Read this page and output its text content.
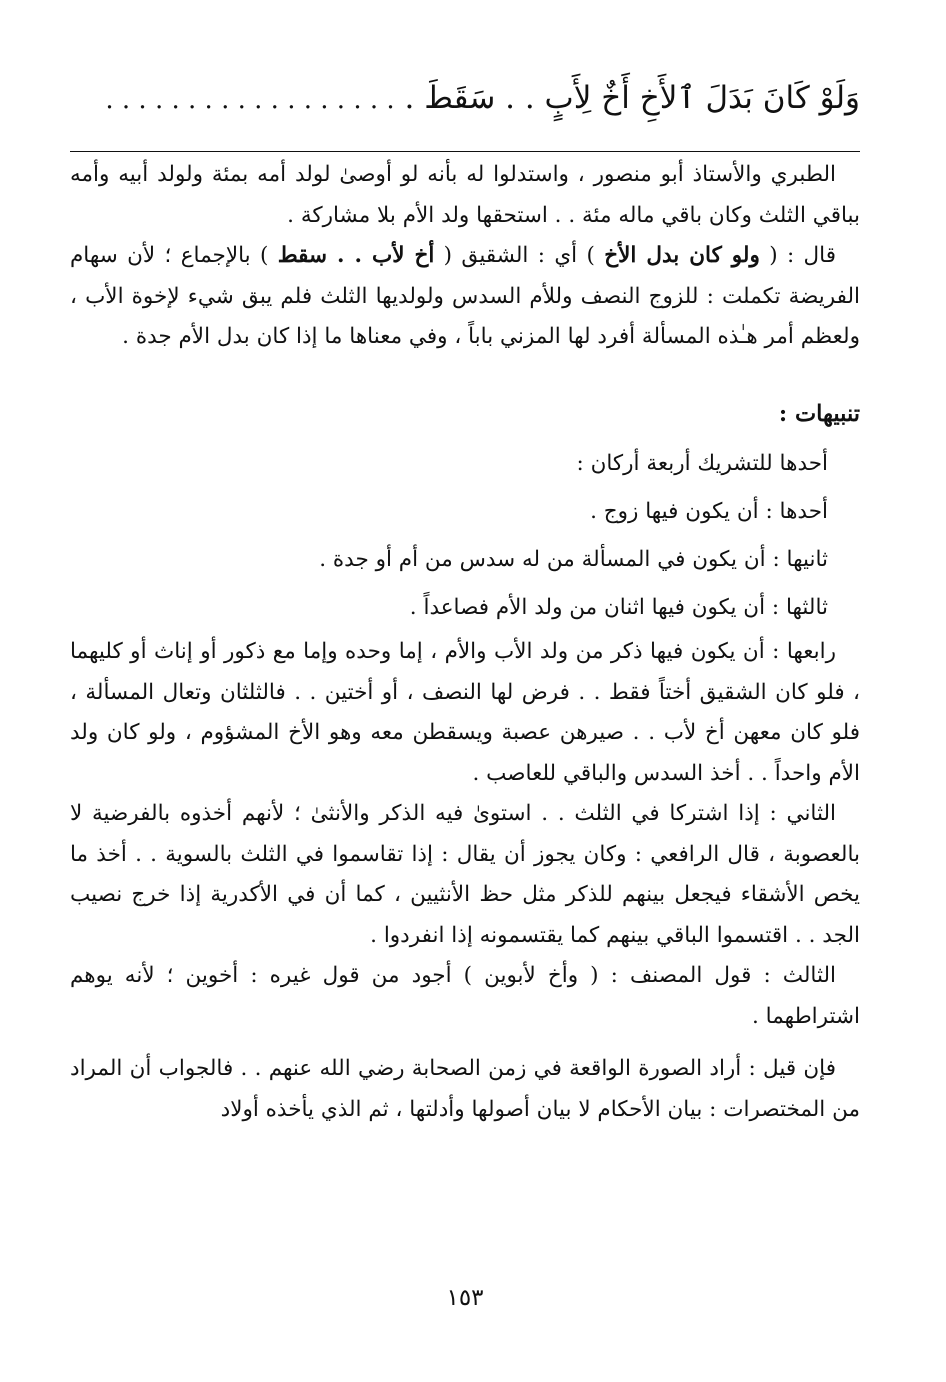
وَلَوْ كَانَ بَدَلَ ٱلأَخِ أَخٌ لِأَبٍ . . سَقَطَ . . . . . . . . . . . . . . . . . . .

الطبري والأستاذ أبو منصور ، واستدلوا له بأنه لو أوصىٰ لولد أمه بمئة ولولد أبيه وأمه بباقي الثلث وكان باقي ماله مئة . . استحقها ولد الأم بلا مشاركة .

قال : ( ولو كان بدل الأخ ) أي : الشقيق ( أخ لأب . . سقط ) بالإجماع ؛ لأن سهام الفريضة تكملت : للزوج النصف وللأم السدس ولولديها الثلث فلم يبق شيء لإخوة الأب ، ولعظم أمر هـٰذه المسألة أفرد لها المزني باباً ، وفي معناها ما إذا كان بدل الأم جدة .

تنبيهات :

أحدها للتشريك أربعة أركان :

أحدها : أن يكون فيها زوج .

ثانيها : أن يكون في المسألة من له سدس من أم أو جدة .

ثالثها : أن يكون فيها اثنان من ولد الأم فصاعداً .

رابعها : أن يكون فيها ذكر من ولد الأب والأم ، إما وحده وإما مع ذكور أو إناث أو كليهما ، فلو كان الشقيق أختاً فقط . . فرض لها النصف ، أو أختين . . فالثلثان وتعال المسألة ، فلو كان معهن أخ لأب . . صيرهن عصبة ويسقطن معه وهو الأخ المشؤوم ، ولو كان ولد الأم واحداً . . أخذ السدس والباقي للعاصب .

الثاني : إذا اشتركا في الثلث . . استوىٰ فيه الذكر والأنثىٰ ؛ لأنهم أخذوه بالفرضية لا بالعصوبة ، قال الرافعي : وكان يجوز أن يقال : إذا تقاسموا في الثلث بالسوية . . أخذ ما يخص الأشقاء فيجعل بينهم للذكر مثل حظ الأنثيين ، كما أن في الأكدرية إذا خرج نصيب الجد . . اقتسموا الباقي بينهم كما يقتسمونه إذا انفردوا .

الثالث : قول المصنف : ( وأخ لأبوين ) أجود من قول غيره : أخوين ؛ لأنه يوهم اشتراطهما .

فإن قيل : أراد الصورة الواقعة في زمن الصحابة رضي الله عنهم . . فالجواب أن المراد من المختصرات : بيان الأحكام لا بيان أصولها وأدلتها ، ثم الذي يأخذه أولاد

١٥٣
